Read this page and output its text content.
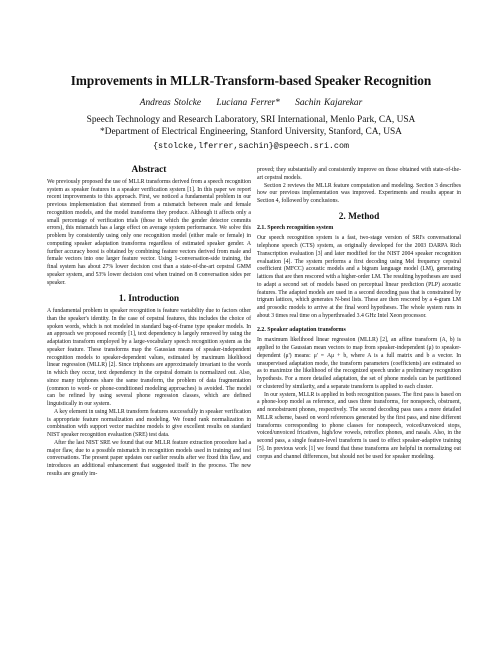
Improvements in MLLR-Transform-based Speaker Recognition
Andreas Stolcke Luciana Ferrer* Sachin Kajarekar
Speech Technology and Research Laboratory, SRI International, Menlo Park, CA, USA
*Department of Electrical Engineering, Stanford University, Stanford, CA, USA
{stolcke,lferrer,sachin}@speech.sri.com
Abstract

We previously proposed the use of MLLR transforms derived from a speech recognition system as speaker features in a speaker verification system [1]. In this paper we report recent improvements to this approach. First, we noticed a fundamental problem in our previous implementation that stemmed from a mismatch between male and female recognition models, and the model transforms they produce. Although it affects only a small percentage of verification trials (those in which the gender detector commits errors), this mismatch has a large effect on average system performance. We solve this problem by consistently using only one recognition model (either male or female) in computing speaker adaptation transforms regardless of estimated speaker gender. A further accuracy boost is obtained by combining feature vectors derived from male and female vectors into one larger feature vector. Using 1-conversation-side training, the final system has about 27% lower decision cost than a state-of-the-art cepstral GMM speaker system, and 53% lower decision cost when trained on 8 conversation sides per speaker.

1. Introduction

A fundamental problem in speaker recognition is feature variability due to factors other than the speaker's identity. In the case of cepstral features, this includes the choice of spoken words, which is not modeled in standard bag-of-frame type speaker models. In an approach we proposed recently [1], text dependency is largely removed by using the adaptation transform employed by a large-vocabulary speech recognition system as the speaker feature. These transforms map the Gaussian means of speaker-independent recognition models to speaker-dependent values, estimated by maximum likelihood linear regression (MLLR) [2]. Since triphones are approximately invariant to the words in which they occur, text dependency in the cepstral domain is normalized out. Also, since many triphones share the same transform, the problem of data fragmentation (common to word- or phone-conditioned modeling approaches) is avoided. The model can be refined by using several phone regression classes, which are defined linguistically in our system.

A key element in using MLLR transform features successfully in speaker verification is appropriate feature normalization and modeling. We found rank normalization in combination with support vector machine models to give excellent results on standard NIST speaker recognition evaluation (SRE) test data.

After the last NIST SRE we found that our MLLR feature extraction procedure had a major flaw, due to a possible mismatch in recognition models used in training and test conversations. The present paper updates our earlier results after we fixed this flaw, and introduces an additional enhancement that suggested itself in the process. The new results are greatly im-

proved; they substantially and consistently improve on those obtained with state-of-the-art cepstral models.

Section 2 reviews the MLLR feature computation and modeling. Section 3 describes how our previous implementation was improved. Experiments and results appear in Section 4, followed by conclusions.

2. Method
2.1. Speech recognition system

Our speech recognition system is a fast, two-stage version of SRI's conversational telephone speech (CTS) system, as originally developed for the 2003 DARPA Rich Transcription evaluation [3] and later modified for the NIST 2004 speaker recognition evaluation [4]. The system performs a first decoding using Mel frequency cepstral coefficient (MFCC) acoustic models and a bigram language model (LM), generating lattices that are then rescored with a higher-order LM. The resulting hypotheses are used to adapt a second set of models based on perceptual linear prediction (PLP) acoustic features. The adapted models are used in a second decoding pass that is constrained by trigram lattices, which generates N-best lists. These are then rescored by a 4-gram LM and prosodic models to arrive at the final word hypotheses. The whole system runs in about 3 times real time on a hyperthreaded 3.4 GHz Intel Xeon processor.

2.2. Speaker adaptation transforms

In maximum likelihood linear regression (MLLR) [2], an affine transform (A, b) is applied to the Gaussian mean vectors to map from speaker-independent (μ) to speaker-dependent (μ') means: μ' = Aμ + b, where A is a full matrix and b a vector. In unsupervised adaptation mode, the transform parameters (coefficients) are estimated so as to maximize the likelihood of the recognized speech under a preliminary recognition hypothesis. For a more detailed adaptation, the set of phone models can be partitioned or clustered by similarity, and a separate transform is applied to each cluster.

In our system, MLLR is applied in both recognition passes. The first pass is based on a phone-loop model as reference, and uses three transforms, for nonspeech, obstruent, and nonobstruent phones, respectively. The second decoding pass uses a more detailed MLLR scheme, based on word references generated by the first pass, and nine different transforms corresponding to phone classes for nonspeech, voiced/unvoiced stops, voiced/unvoiced fricatives, high/low vowels, retroflex phones, and nasals. Also, in the second pass, a single feature-level transform is used to effect speaker-adaptive training [5]. In previous work [1] we found that these transforms are helpful in normalizing out corpus and channel differences, but should not be used for speaker modeling.
